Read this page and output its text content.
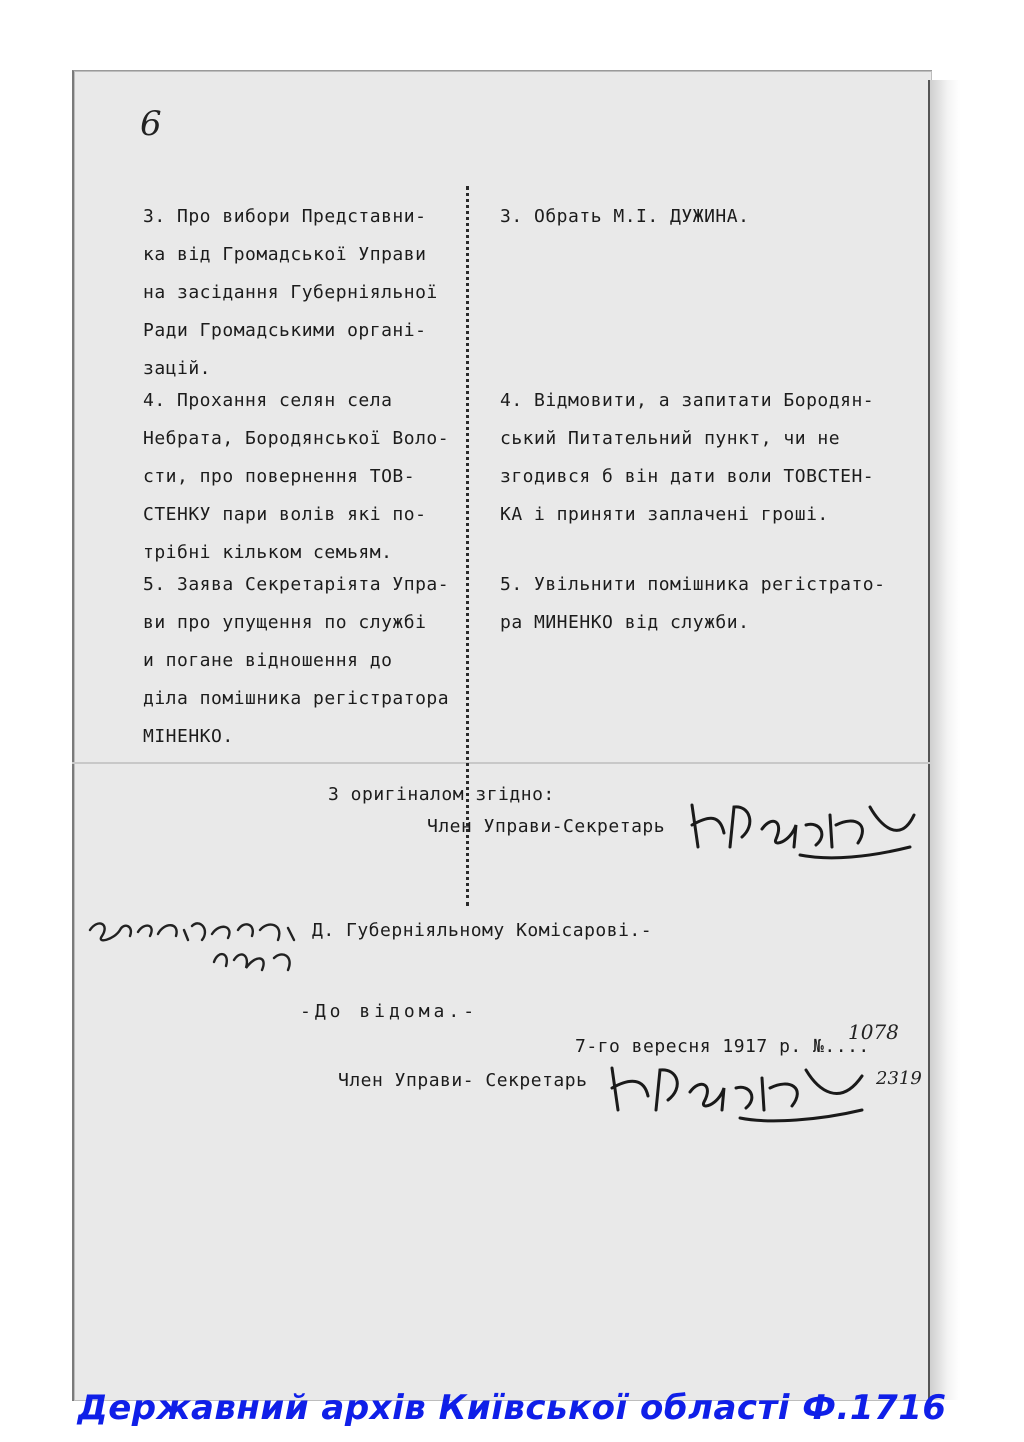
6
3. Про вибори Представни-
ка від Громадської Управи
на засідання Губерніяльної
Ради Громадськими органі-
зацій.
3. Обрать М.І. ДУЖИНА.
4. Прохання селян села
Небрата, Бородянської Воло-
сти, про повернення ТОВ-
СТЕНКУ пари волів які по-
трібні кільком семьям.
4. Відмовити, а запитати Бородян-
ський Питательний пункт, чи не
згодився б він дати воли ТОВСТЕН-
КА і приняти заплачені гроші.
5. Заява Секретаріята Упра-
ви про упущення по службі
и погане відношення до
діла помішника регістратора
МІНЕНКО.
5. Увільнити помішника регістрато-
ра МИНЕНКО від служби.
З оригіналом згідно:
Член Управи-Секретарь
Д. Губерніяльному Комісарові.-
-До відома.-
7-го вересня 1917 р. №....
1078
2319
Член Управи- Секретарь
Державний архів Київської області Ф.1716
